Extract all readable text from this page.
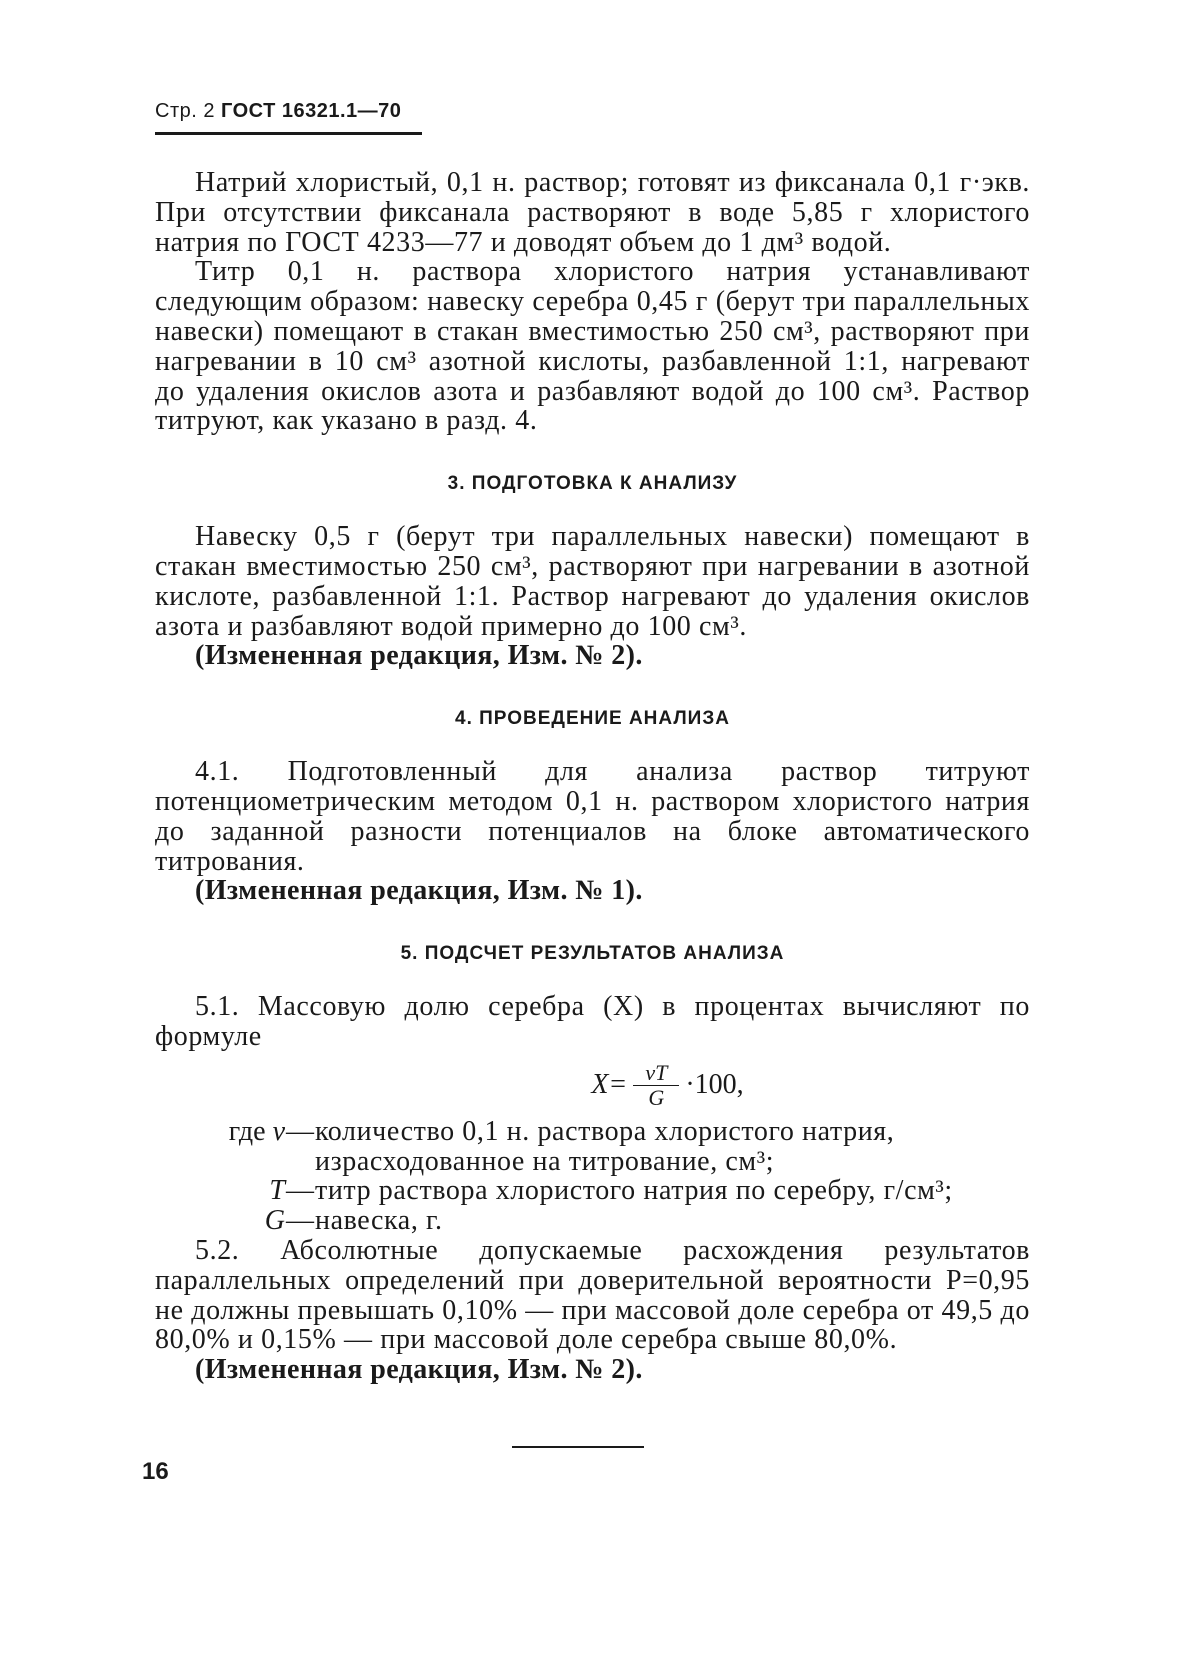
Стр. 2 ГОСТ 16321.1—70

Натрий хлористый, 0,1 н. раствор; готовят из фиксанала 0,1 г·экв. При отсутствии фиксанала растворяют в воде 5,85 г хлористого натрия по ГОСТ 4233—77 и доводят объем до 1 дм³ водой.

Титр 0,1 н. раствора хлористого натрия устанавливают следующим образом: навеску серебра 0,45 г (берут три параллельных навески) помещают в стакан вместимостью 250 см³, растворяют при нагревании в 10 см³ азотной кислоты, разбавленной 1:1, нагревают до удаления окислов азота и разбавляют водой до 100 см³. Раствор титруют, как указано в разд. 4.

3. ПОДГОТОВКА К АНАЛИЗУ

Навеску 0,5 г (берут три параллельных навески) помещают в стакан вместимостью 250 см³, растворяют при нагревании в азотной кислоте, разбавленной 1:1. Раствор нагревают до удаления окислов азота и разбавляют водой примерно до 100 см³.

(Измененная редакция, Изм. № 2).
4. ПРОВЕДЕНИЕ АНАЛИЗА

4.1. Подготовленный для анализа раствор титруют потенциометрическим методом 0,1 н. раствором хлористого натрия до заданной разности потенциалов на блоке автоматического титрования.

(Измененная редакция, Изм. № 1).
5. ПОДСЧЕТ РЕЗУЛЬТАТОВ АНАЛИЗА

5.1. Массовую долю серебра (X) в процентах вычисляют по формуле

$X= \frac{vT}{G} \cdot 100$,
где v — количество 0,1 н. раствора хлористого натрия, израсходованное на титрование, см³;
T — титр раствора хлористого натрия по серебру, г/см³;
G — навеска, г.

5.2. Абсолютные допускаемые расхождения результатов параллельных определений при доверительной вероятности P=0,95 не должны превышать 0,10% — при массовой доле серебра от 49,5 до 80,0% и 0,15% — при массовой доле серебра свыше 80,0%.

(Измененная редакция, Изм. № 2).
16
